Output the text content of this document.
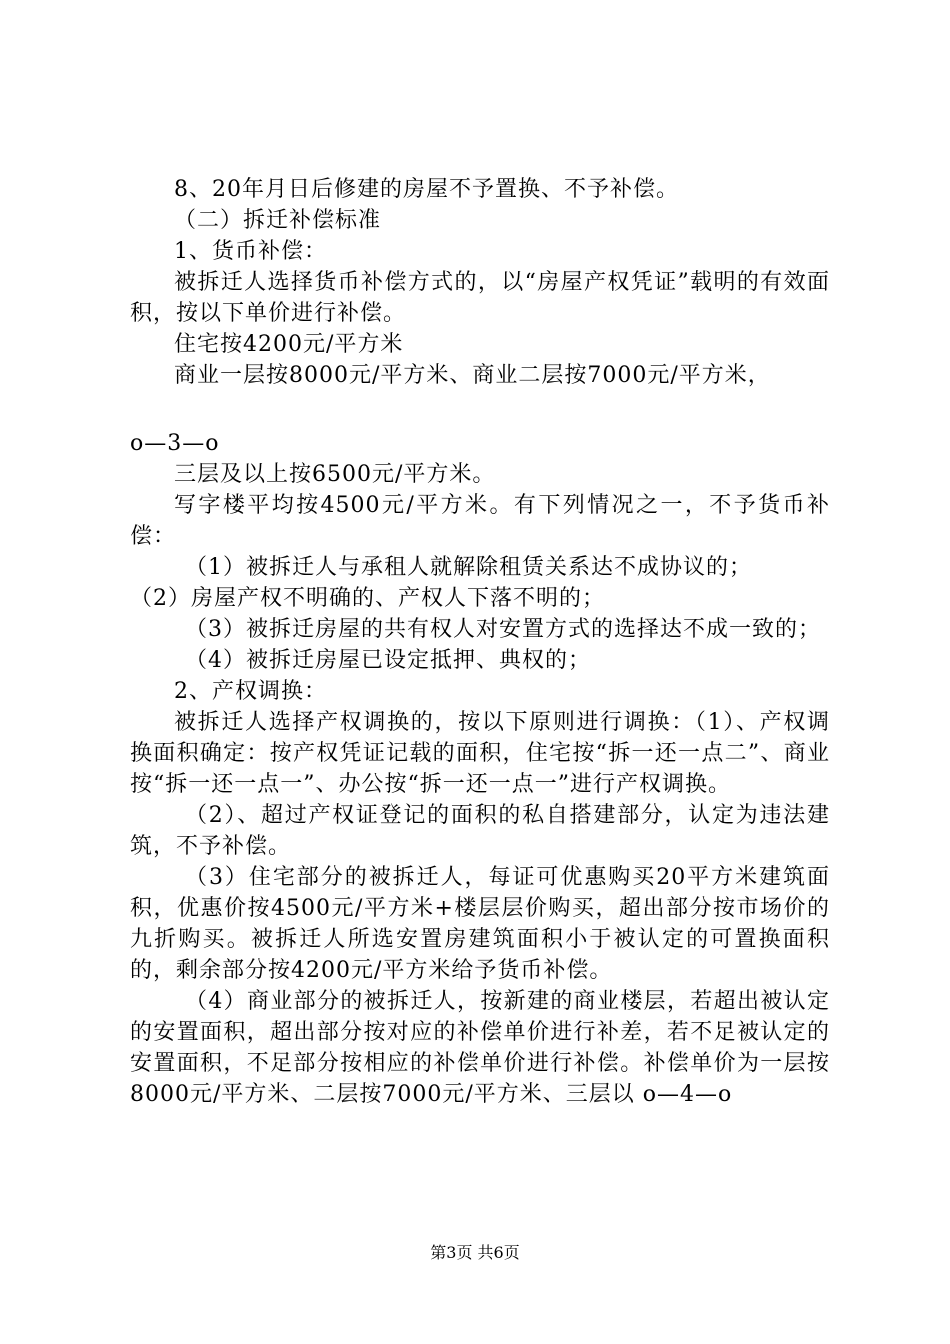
8、20年月日后修建的房屋不予置换、不予补偿。

（二）拆迁补偿标准

1、货币补偿：

被拆迁人选择货币补偿方式的，以“房屋产权凭证”载明的有效面积，按以下单价进行补偿。

住宅按4200元/平方米

商业一层按8000元/平方米、商业二层按7000元/平方米，

o—3—o

三层及以上按6500元/平方米。

写字楼平均按4500元/平方米。有下列情况之一，不予货币补偿：

（1）被拆迁人与承租人就解除租赁关系达不成协议的；

（2）房屋产权不明确的、产权人下落不明的；

（3）被拆迁房屋的共有权人对安置方式的选择达不成一致的；

（4）被拆迁房屋已设定抵押、典权的；

2、产权调换：

被拆迁人选择产权调换的，按以下原则进行调换：（1）、产权调换面积确定：按产权凭证记载的面积，住宅按“拆一还一点二”、商业按“拆一还一点一”、办公按“拆一还一点一”进行产权调换。

（2）、超过产权证登记的面积的私自搭建部分，认定为违法建筑，不予补偿。

（3）住宅部分的被拆迁人，每证可优惠购买20平方米建筑面积，优惠价按4500元/平方米+楼层层价购买，超出部分按市场价的九折购买。被拆迁人所选安置房建筑面积小于被认定的可置换面积的，剩余部分按4200元/平方米给予货币补偿。

（4）商业部分的被拆迁人，按新建的商业楼层，若超出被认定的安置面积，超出部分按对应的补偿单价进行补差，若不足被认定的安置面积，不足部分按相应的补偿单价进行补偿。补偿单价为一层按8000元/平方米、二层按7000元/平方米、三层以 o—4—o

第3页 共6页
